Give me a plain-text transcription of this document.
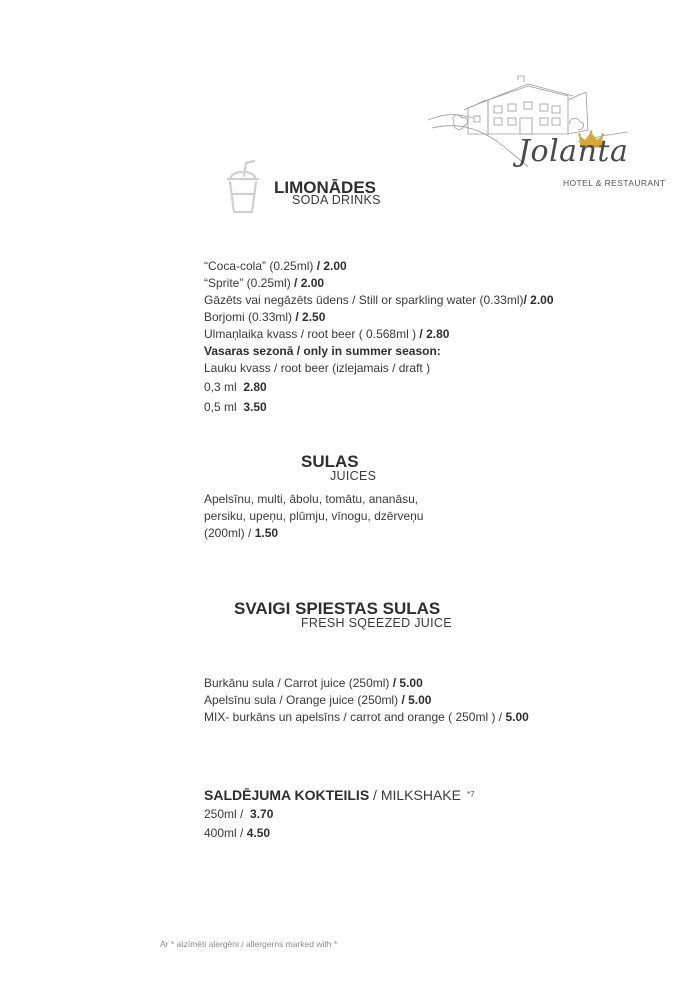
Jolanta
HOTEL & RESTAURANT
LIMONĀDES
SODA DRINKS
“Coca-cola” (0.25ml) / 2.00
“Sprite” (0.25ml) / 2.00
Gāzēts vai negāzēts ūdens / Still or sparkling water (0.33ml)/ 2.00
Borjomi (0.33ml) / 2.50
Ulmaņlaika kvass / root beer ( 0.568ml ) / 2.80
Vasaras sezonā / only in summer season:
Lauku kvass / root beer (izlejamais / draft )
0,3 ml 2.80
0,5 ml 3.50
SULAS
JUICES
Apelsīnu, multi, ābolu, tomātu, ananāsu,
persiku, upeņu, plūmju, vīnogu, dzērveņu
(200ml) / 1.50
SVAIGI SPIESTAS SULAS
FRESH SQEEZED JUICE
Burkānu sula / Carrot juice (250ml) / 5.00
Apelsīnu sula / Orange juice (250ml) / 5.00
MIX- burkāns un apelsīns / carrot and orange ( 250ml ) / 5.00
SALDĒJUMA KOKTEILIS / MILKSHAKE $^{*7}$
250ml /  3.70
400ml / 4.50
Ar * atzīmēti alergēni / allergerns marked with *
